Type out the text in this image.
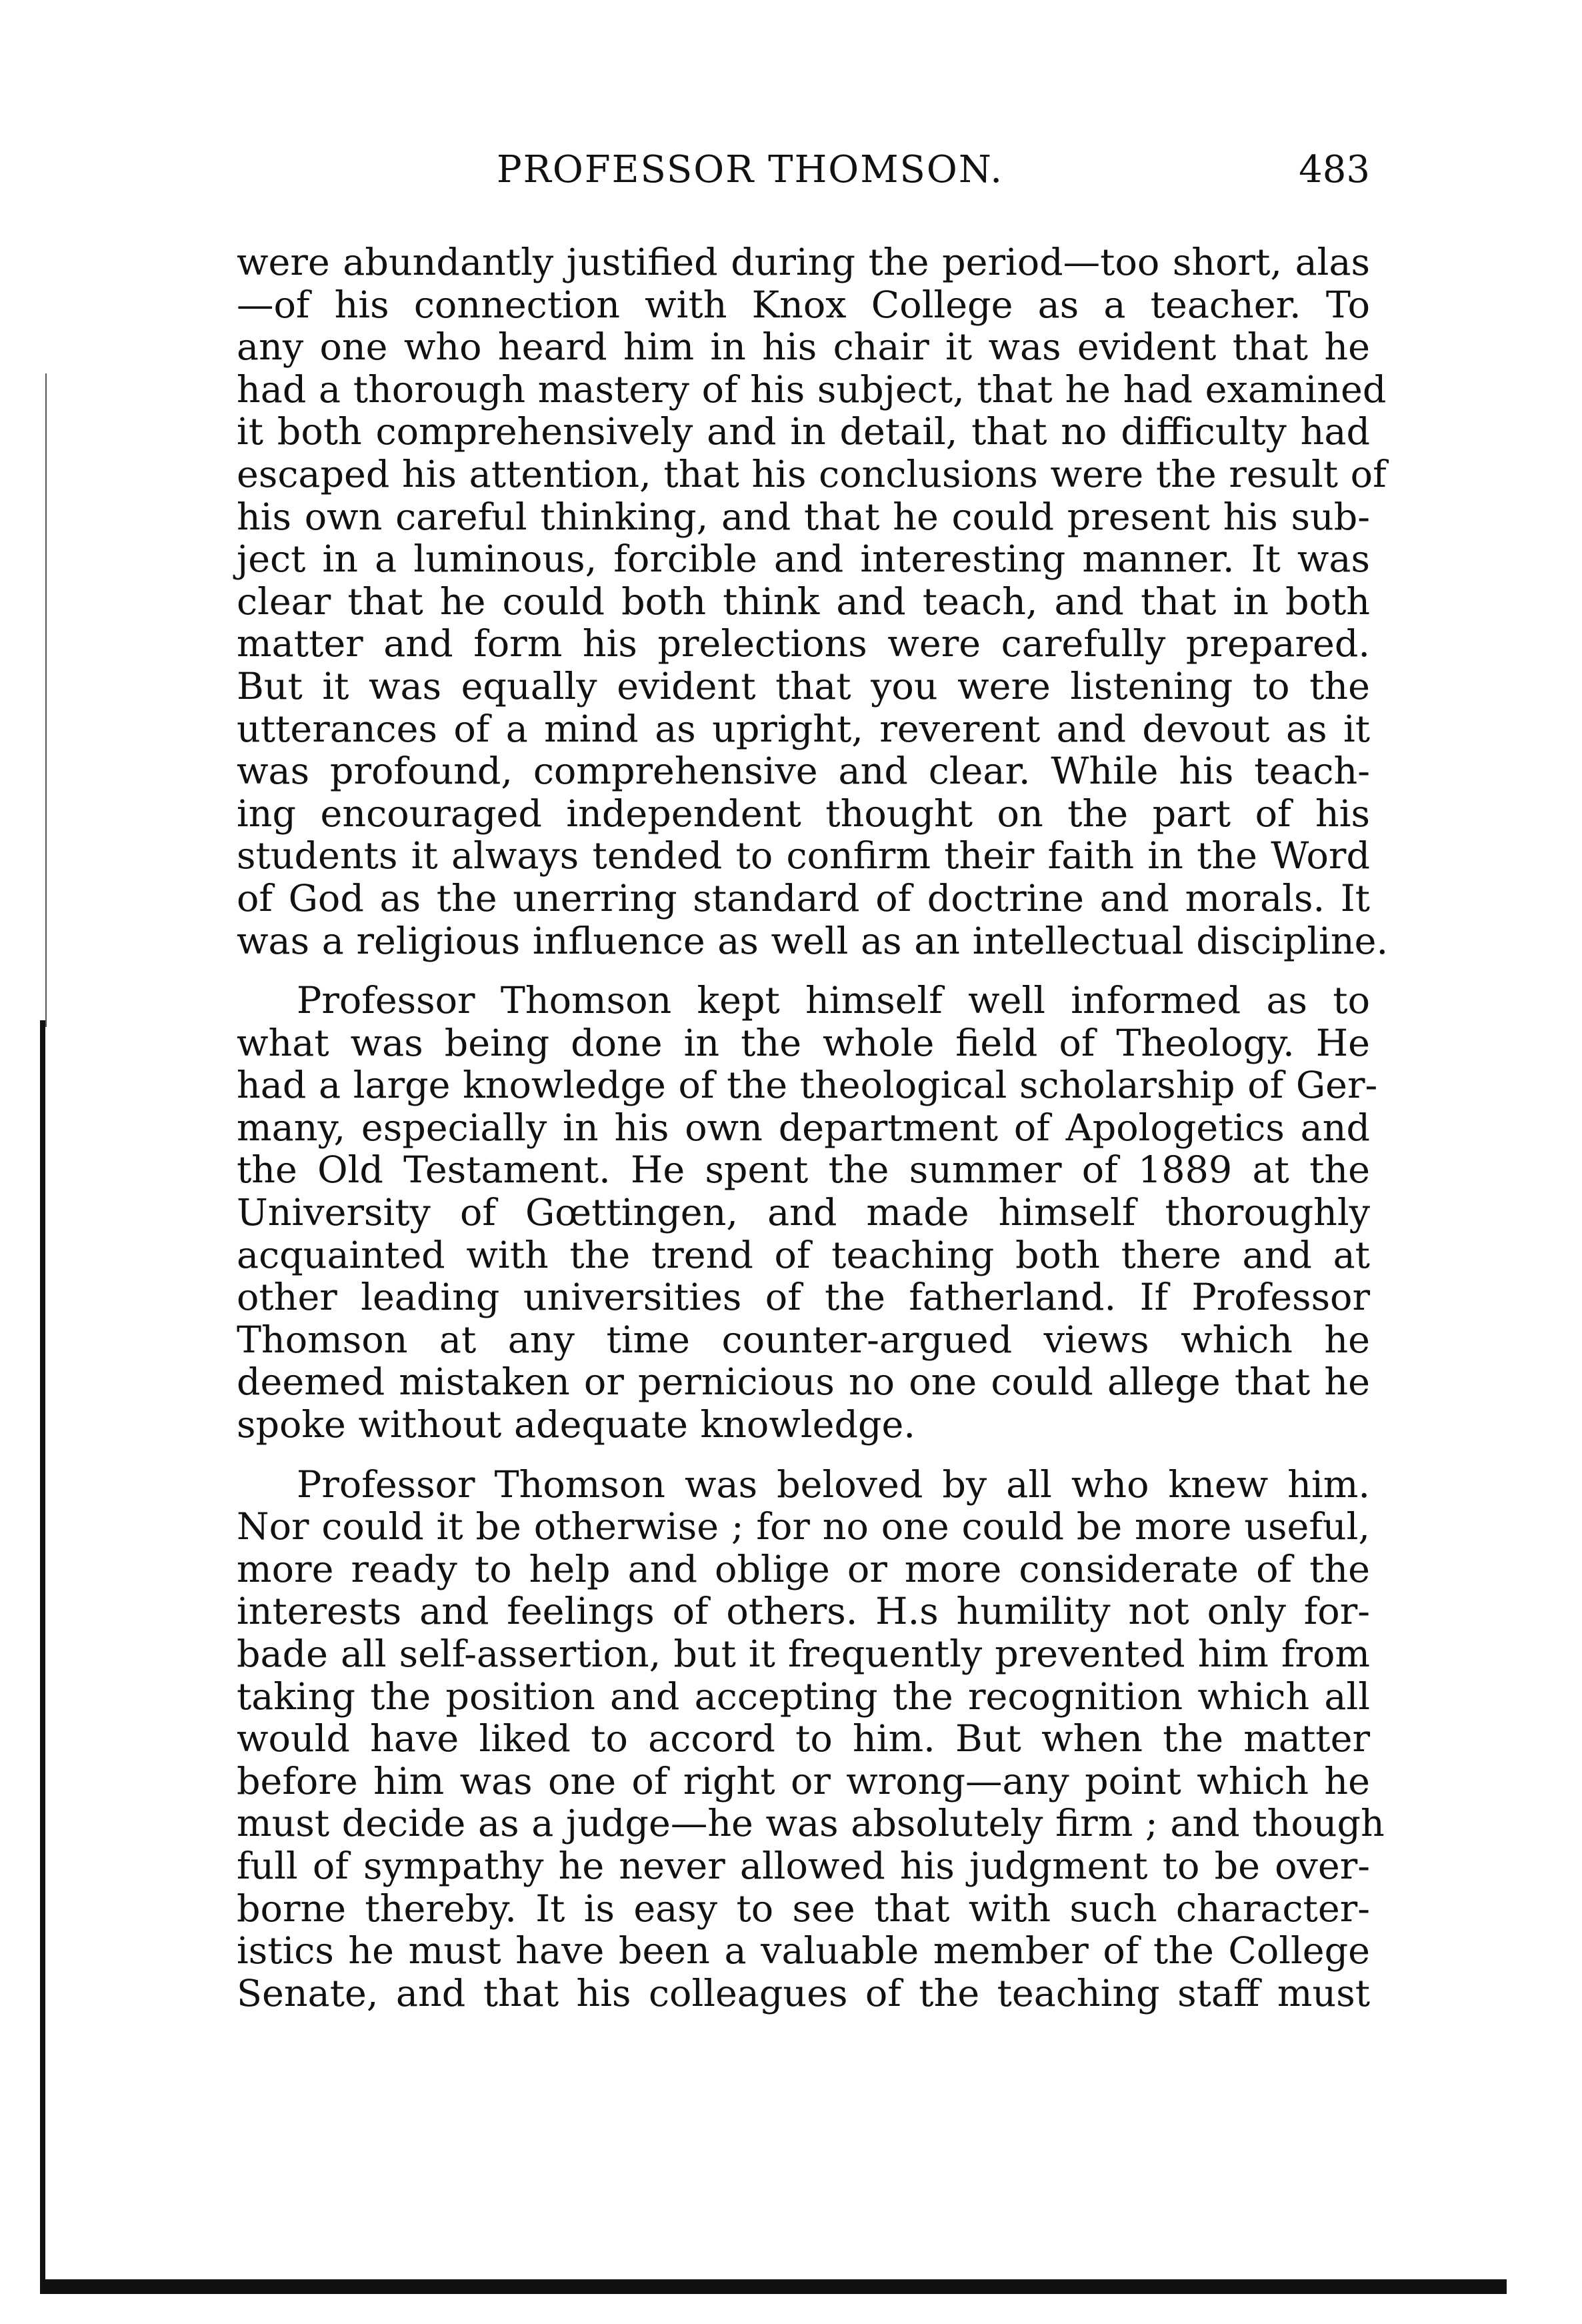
PROFESSOR THOMSON.	483

were abundantly justified during the period—too short, alas
—of his connection with Knox College as a teacher. To
any one who heard him in his chair it was evident that he
had a thorough mastery of his subject, that he had examined
it both comprehensively and in detail, that no difficulty had
escaped his attention, that his conclusions were the result of
his own careful thinking, and that he could present his sub-
ject in a luminous, forcible and interesting manner. It was
clear that he could both think and teach, and that in both
matter and form his prelections were carefully prepared.
But it was equally evident that you were listening to the
utterances of a mind as upright, reverent and devout as it
was profound, comprehensive and clear. While his teach-
ing encouraged independent thought on the part of his
students it always tended to confirm their faith in the Word
of God as the unerring standard of doctrine and morals. It
was a religious influence as well as an intellectual discipline.

Professor Thomson kept himself well informed as to
what was being done in the whole field of Theology. He
had a large knowledge of the theological scholarship of Ger-
many, especially in his own department of Apologetics and
the Old Testament. He spent the summer of 1889 at the
University of Gœttingen, and made himself thoroughly
acquainted with the trend of teaching both there and at
other leading universities of the fatherland. If Professor
Thomson at any time counter-argued views which he
deemed mistaken or pernicious no one could allege that he
spoke without adequate knowledge.

Professor Thomson was beloved by all who knew him.
Nor could it be otherwise ; for no one could be more useful,
more ready to help and oblige or more considerate of the
interests and feelings of others. H.s humility not only for-
bade all self-assertion, but it frequently prevented him from
taking the position and accepting the recognition which all
would have liked to accord to him. But when the matter
before him was one of right or wrong—any point which he
must decide as a judge—he was absolutely firm ; and though
full of sympathy he never allowed his judgment to be over-
borne thereby. It is easy to see that with such character-
istics he must have been a valuable member of the College
Senate, and that his colleagues of the teaching staff must
